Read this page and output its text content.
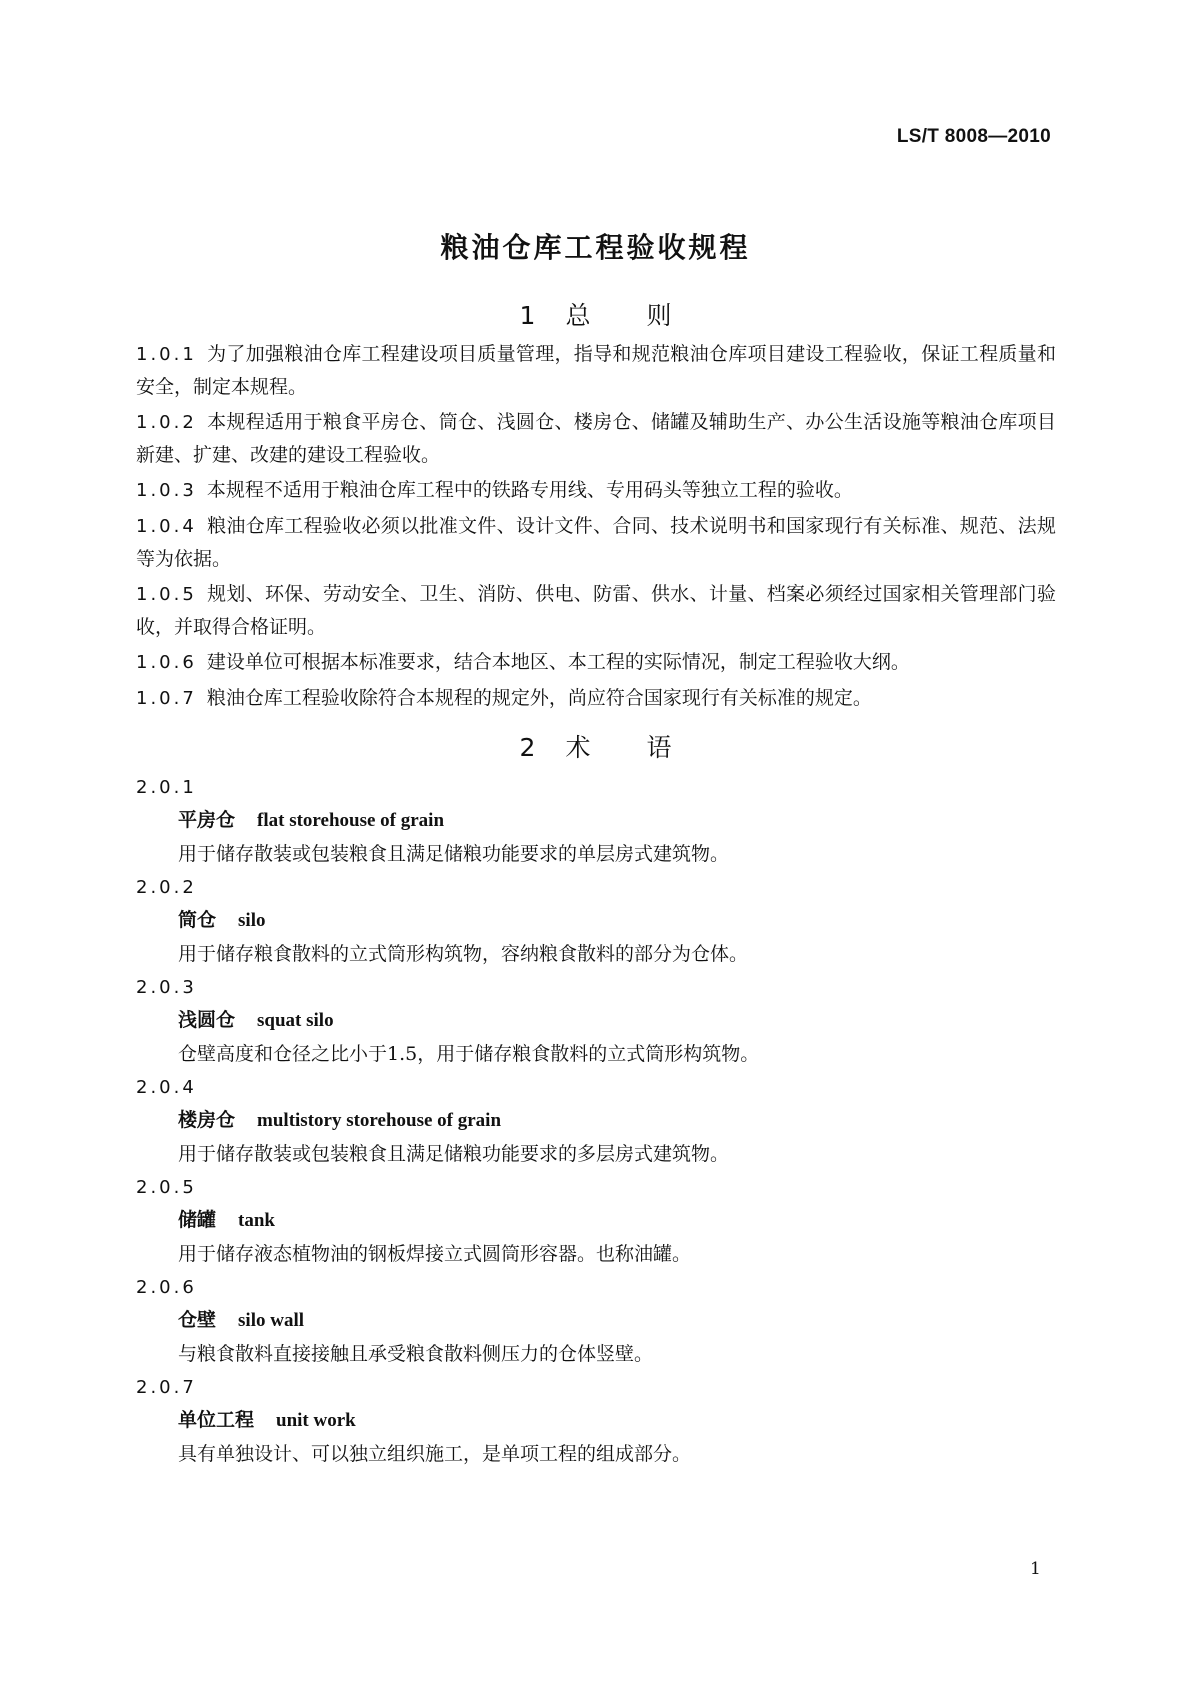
LS/T 8008—2010
粮油仓库工程验收规程
1 总 则

1.0.1 为了加强粮油仓库工程建设项目质量管理，指导和规范粮油仓库项目建设工程验收，保证工程质量和安全，制定本规程。

1.0.2 本规程适用于粮食平房仓、筒仓、浅圆仓、楼房仓、储罐及辅助生产、办公生活设施等粮油仓库项目新建、扩建、改建的建设工程验收。

1.0.3 本规程不适用于粮油仓库工程中的铁路专用线、专用码头等独立工程的验收。

1.0.4 粮油仓库工程验收必须以批准文件、设计文件、合同、技术说明书和国家现行有关标准、规范、法规等为依据。

1.0.5 规划、环保、劳动安全、卫生、消防、供电、防雷、供水、计量、档案必须经过国家相关管理部门验收，并取得合格证明。

1.0.6 建设单位可根据本标准要求，结合本地区、本工程的实际情况，制定工程验收大纲。

1.0.7 粮油仓库工程验收除符合本规程的规定外，尚应符合国家现行有关标准的规定。

2 术 语
2.0.1
平房仓 flat storehouse of grain
用于储存散装或包装粮食且满足储粮功能要求的单层房式建筑物。
2.0.2
筒仓 silo
用于储存粮食散料的立式筒形构筑物，容纳粮食散料的部分为仓体。
2.0.3
浅圆仓 squat silo
仓壁高度和仓径之比小于1.5，用于储存粮食散料的立式筒形构筑物。
2.0.4
楼房仓 multistory storehouse of grain
用于储存散装或包装粮食且满足储粮功能要求的多层房式建筑物。
2.0.5
储罐 tank
用于储存液态植物油的钢板焊接立式圆筒形容器。也称油罐。
2.0.6
仓壁 silo wall
与粮食散料直接接触且承受粮食散料侧压力的仓体竖壁。
2.0.7
单位工程 unit work
具有单独设计、可以独立组织施工，是单项工程的组成部分。
1
